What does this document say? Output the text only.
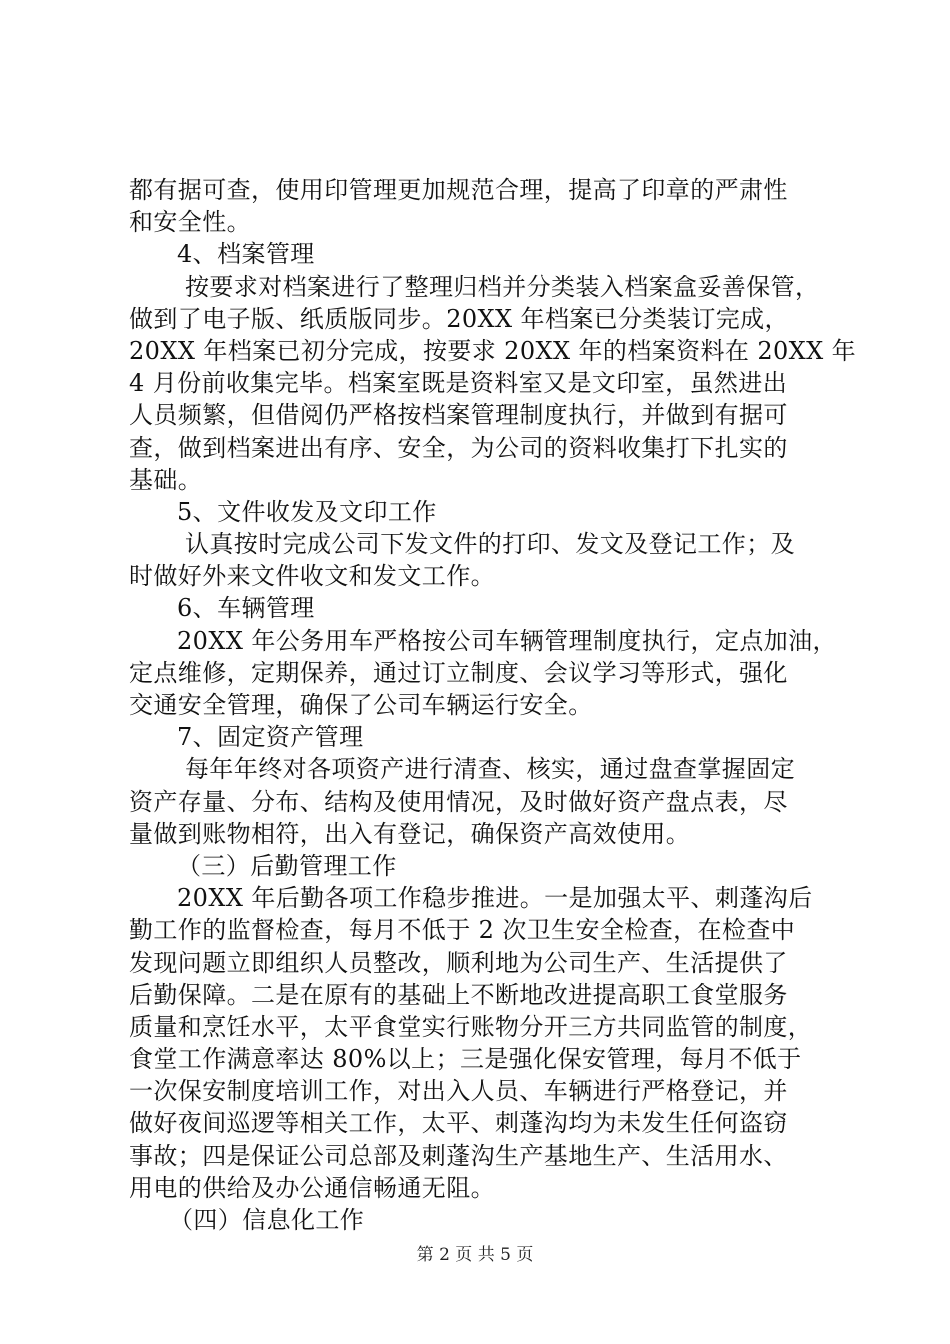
都有据可查，使用印管理更加规范合理，提高了印章的严肃性
和安全性。
4、档案管理
按要求对档案进行了整理归档并分类装入档案盒妥善保管，
做到了电子版、纸质版同步。20XX 年档案已分类装订完成，
20XX 年档案已初分完成，按要求 20XX 年的档案资料在 20XX 年
4 月份前收集完毕。档案室既是资料室又是文印室，虽然进出
人员频繁，但借阅仍严格按档案管理制度执行，并做到有据可
查，做到档案进出有序、安全，为公司的资料收集打下扎实的
基础。
5、文件收发及文印工作
认真按时完成公司下发文件的打印、发文及登记工作；及
时做好外来文件收文和发文工作。
6、车辆管理
20XX 年公务用车严格按公司车辆管理制度执行，定点加油，
定点维修，定期保养，通过订立制度、会议学习等形式，强化
交通安全管理，确保了公司车辆运行安全。
7、固定资产管理
每年年终对各项资产进行清查、核实，通过盘查掌握固定
资产存量、分布、结构及使用情况，及时做好资产盘点表，尽
量做到账物相符，出入有登记，确保资产高效使用。
（三）后勤管理工作
20XX 年后勤各项工作稳步推进。一是加强太平、刺蓬沟后
勤工作的监督检查，每月不低于 2 次卫生安全检查，在检查中
发现问题立即组织人员整改，顺利地为公司生产、生活提供了
后勤保障。二是在原有的基础上不断地改进提高职工食堂服务
质量和烹饪水平，太平食堂实行账物分开三方共同监管的制度，
食堂工作满意率达 80%以上；三是强化保安管理，每月不低于
一次保安制度培训工作，对出入人员、车辆进行严格登记，并
做好夜间巡逻等相关工作，太平、刺蓬沟均为未发生任何盗窃
事故；四是保证公司总部及刺蓬沟生产基地生产、生活用水、
用电的供给及办公通信畅通无阻。
（四）信息化工作
第 2 页 共 5 页
